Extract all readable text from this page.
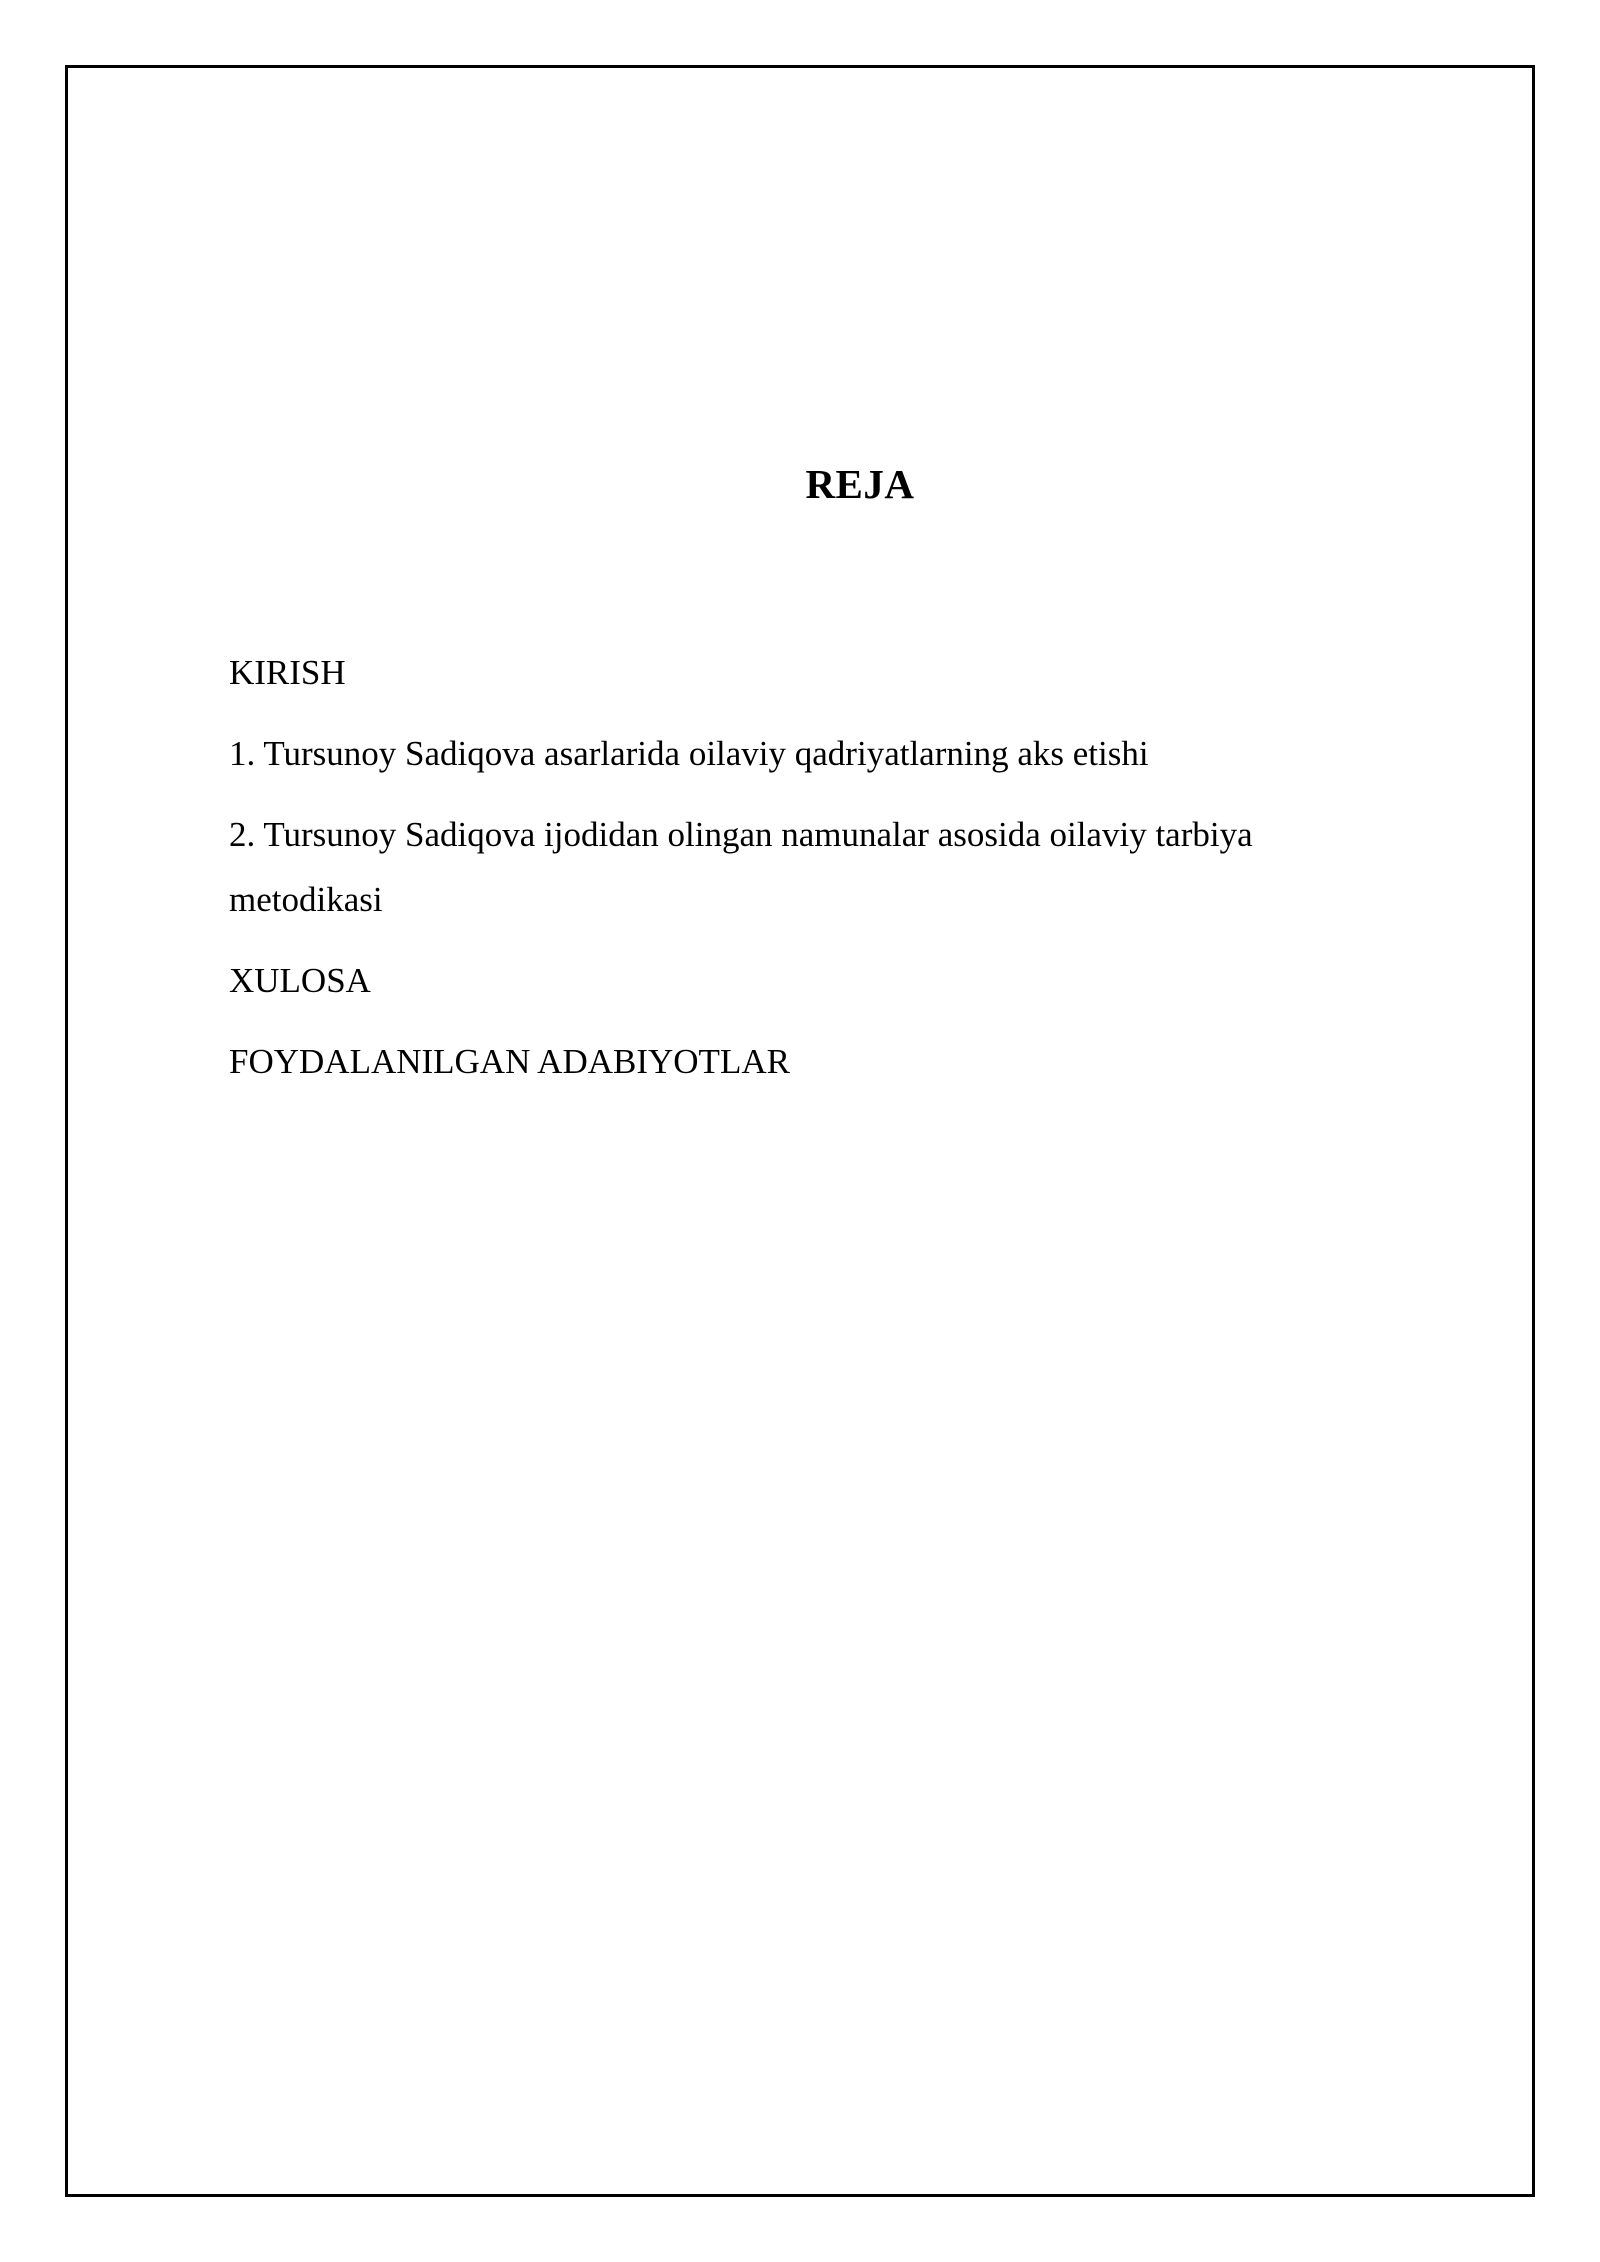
REJA
KIRISH
1. Tursunoy Sadiqova asarlarida oilaviy qadriyatlarning aks etishi
2. Tursunoy Sadiqova ijodidan olingan namunalar asosida oilaviy tarbiya metodikasi
XULOSA
FOYDALANILGAN ADABIYOTLAR
